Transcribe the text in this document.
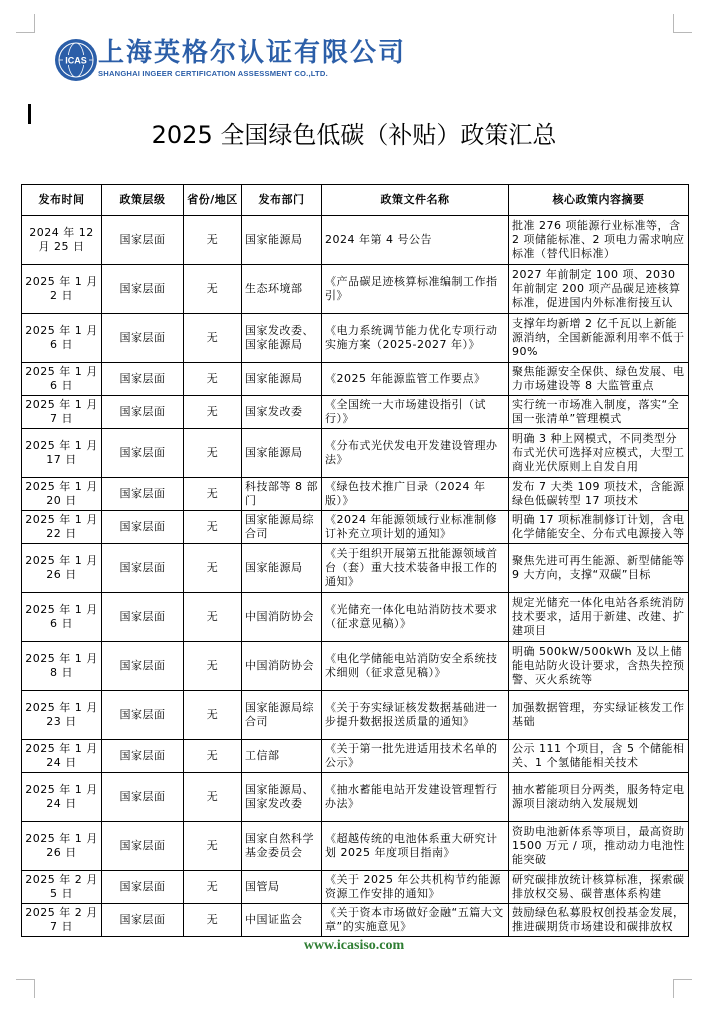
ICAS 上海英格尔认证有限公司
SHANGHAI INGEER CERTIFICATION ASSESSMENT CO.,LTD.
2025 全国绿色低碳（补贴）政策汇总
发布时间	政策层级	省份/地区	发布部门	政策文件名称	核心政策内容摘要
2024 年 12 月 25 日	国家层面	无	国家能源局	2024 年第 4 号公告	批准 276 项能源行业标准等，含 2 项储能标准、2 项电力需求响应标准（替代旧标准）
2025 年 1 月 2 日	国家层面	无	生态环境部	《产品碳足迹核算标准编制工作指引》	2027 年前制定 100 项、2030 年前制定 200 项产品碳足迹核算标准，促进国内外标准衔接互认
2025 年 1 月 6 日	国家层面	无	国家发改委、国家能源局	《电力系统调节能力优化专项行动实施方案（2025-2027 年）》	支撑年均新增 2 亿千瓦以上新能源消纳，全国新能源利用率不低于 90%
2025 年 1 月 6 日	国家层面	无	国家能源局	《2025 年能源监管工作要点》	聚焦能源安全保供、绿色发展、电力市场建设等 8 大监管重点
2025 年 1 月 7 日	国家层面	无	国家发改委	《全国统一大市场建设指引（试行）》	实行统一市场准入制度，落实“全国一张清单”管理模式
2025 年 1 月 17 日	国家层面	无	国家能源局	《分布式光伏发电开发建设管理办法》	明确 3 种上网模式，不同类型分布式光伏可选择对应模式，大型工商业光伏原则上自发自用
2025 年 1 月 20 日	国家层面	无	科技部等 8 部门	《绿色技术推广目录（2024 年版）》	发布 7 大类 109 项技术，含能源绿色低碳转型 17 项技术
2025 年 1 月 22 日	国家层面	无	国家能源局综合司	《2024 年能源领域行业标准制修订补充立项计划的通知》	明确 17 项标准制修订计划，含电化学储能安全、分布式电源接入等
2025 年 1 月 26 日	国家层面	无	国家能源局	《关于组织开展第五批能源领域首台（套）重大技术装备申报工作的通知》	聚焦先进可再生能源、新型储能等 9 大方向，支撑“双碳”目标
2025 年 1 月 6 日	国家层面	无	中国消防协会	《光储充一体化电站消防技术要求（征求意见稿）》	规定光储充一体化电站各系统消防技术要求，适用于新建、改建、扩建项目
2025 年 1 月 8 日	国家层面	无	中国消防协会	《电化学储能电站消防安全系统技术细则（征求意见稿）》	明确 500kW/500kWh 及以上储能电站防火设计要求，含热失控预警、灭火系统等
2025 年 1 月 23 日	国家层面	无	国家能源局综合司	《关于夯实绿证核发数据基础进一步提升数据报送质量的通知》	加强数据管理，夯实绿证核发工作基础
2025 年 1 月 24 日	国家层面	无	工信部	《关于第一批先进适用技术名单的公示》	公示 111 个项目，含 5 个储能相关、1 个氢储能相关技术
2025 年 1 月 24 日	国家层面	无	国家能源局、国家发改委	《抽水蓄能电站开发建设管理暂行办法》	抽水蓄能项目分两类，服务特定电源项目滚动纳入发展规划
2025 年 1 月 26 日	国家层面	无	国家自然科学基金委员会	《超越传统的电池体系重大研究计划 2025 年度项目指南》	资助电池新体系等项目，最高资助 1500 万元 / 项，推动动力电池性能突破
2025 年 2 月 5 日	国家层面	无	国管局	《关于 2025 年公共机构节约能源资源工作安排的通知》	研究碳排放统计核算标准，探索碳排放权交易、碳普惠体系构建
2025 年 2 月 7 日	国家层面	无	中国证监会	《关于资本市场做好金融“五篇大文章”的实施意见》	鼓励绿色私募股权创投基金发展，推进碳期货市场建设和碳排放权
www.icasiso.com
